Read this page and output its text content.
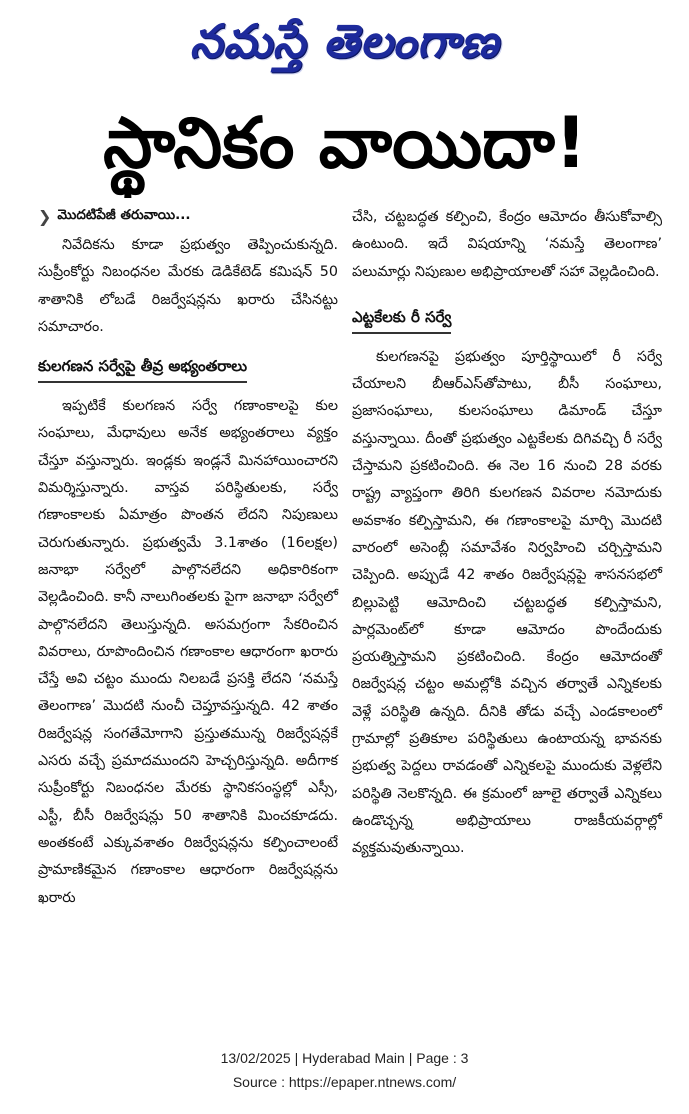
నమస్తే తెలంగాణ
స్థానికం వాయిదా!
❯ మొదటిపేజీ తరువాయి...

నివేదికను కూడా ప్రభుత్వం తెప్పించుకున్నది. సుప్రీంకోర్టు నిబంధనల మేరకు డెడికేటెడ్ కమిషన్ 50 శాతానికి లోబడే రిజర్వేషన్లను ఖరారు చేసినట్టు సమాచారం.

కులగణన సర్వేపై తీవ్ర అభ్యంతరాలు

ఇప్పటికే కులగణన సర్వే గణాంకాలపై కుల సంఘాలు, మేధావులు అనేక అభ్యంతరాలు వ్యక్తం చేస్తూ వస్తున్నారు. ఇండ్లకు ఇండ్లనే మినహాయించారని విమర్శిస్తున్నారు. వాస్తవ పరిస్థితులకు, సర్వే గణాంకాలకు ఏమాత్రం పొంతన లేదని నిపుణులు చెరుగుతున్నారు. ప్రభుత్వమే 3.1శాతం (16లక్షల) జనాభా సర్వేలో పాల్గొనలేదని అధికారికంగా వెల్లడించింది. కానీ నాలుగింతలకు పైగా జనాభా సర్వేలో పాల్గొనలేదని తెలుస్తున్నది. అసమగ్రంగా సేకరించిన వివరాలు, రూపొందించిన గణాంకాల ఆధారంగా ఖరారు చేస్తే అవి చట్టం ముందు నిలబడే ప్రసక్తి లేదని ‘నమస్తే తెలంగాణ’ మొదటి నుంచీ చెప్తూవస్తున్నది. 42 శాతం రిజర్వేషన్ల సంగతేమోగాని ప్రస్తుతమున్న రిజర్వేషన్లకే ఎసరు వచ్చే ప్రమాదముందని హెచ్చరిస్తున్నది. అదీగాక సుప్రీంకోర్టు నిబంధనల మేరకు స్థానికసంస్థల్లో ఎస్సీ, ఎస్టీ, బీసీ రిజర్వేషన్లు 50 శాతానికి మించకూడదు. అంతకంటే ఎక్కువశాతం రిజర్వేషన్లను కల్పించాలంటే ప్రామాణికమైన గణాంకాల ఆధారంగా రిజర్వేషన్లను ఖరారు

చేసి, చట్టబద్ధత కల్పించి, కేంద్రం ఆమోదం తీసుకోవాల్సి ఉంటుంది. ఇదే విషయాన్ని ‘నమస్తే తెలంగాణ’ పలుమార్లు నిపుణుల అభిప్రాయాలతో సహా వెల్లడించింది.

ఎట్టకేలకు రీ సర్వే

కులగణనపై ప్రభుత్వం పూర్తిస్థాయిలో రీ సర్వే చేయాలని బీఆర్ఎస్‌తోపాటు, బీసీ సంఘాలు, ప్రజాసంఘాలు, కులసంఘాలు డిమాండ్ చేస్తూ వస్తున్నాయి. దీంతో ప్రభుత్వం ఎట్టకేలకు దిగివచ్చి రీ సర్వే చేస్తామని ప్రకటించింది. ఈ నెల 16 నుంచి 28 వరకు రాష్ట్ర వ్యాప్తంగా తిరిగి కులగణన వివరాల నమోదుకు అవకాశం కల్పిస్తామని, ఈ గణాంకాలపై మార్చి మొదటి వారంలో అసెంబ్లీ సమావేశం నిర్వహించి చర్చిస్తామని చెప్పింది. అప్పుడే 42 శాతం రిజర్వేషన్లపై శాసనసభలో బిల్లుపెట్టి ఆమోదించి చట్టబద్ధత కల్పిస్తామని, పార్లమెంట్‌లో కూడా ఆమోదం పొందేందుకు ప్రయత్నిస్తామని ప్రకటించింది. కేంద్రం ఆమోదంతో రిజర్వేషన్ల చట్టం అమల్లోకి వచ్చిన తర్వాతే ఎన్నికలకు వెళ్లే పరిస్థితి ఉన్నది. దీనికి తోడు వచ్చే ఎండకాలంలో గ్రామాల్లో ప్రతికూల పరిస్థితులు ఉంటాయన్న భావనకు ప్రభుత్వ పెద్దలు రావడంతో ఎన్నికలపై ముందుకు వెళ్లలేని పరిస్థితి నెలకొన్నది. ఈ క్రమంలో జూలై తర్వాతే ఎన్నికలు ఉండొచ్చన్న అభిప్రాయాలు రాజకీయవర్గాల్లో వ్యక్తమవుతున్నాయి.

13/02/2025 | Hyderabad Main | Page : 3
Source : https://epaper.ntnews.com/
